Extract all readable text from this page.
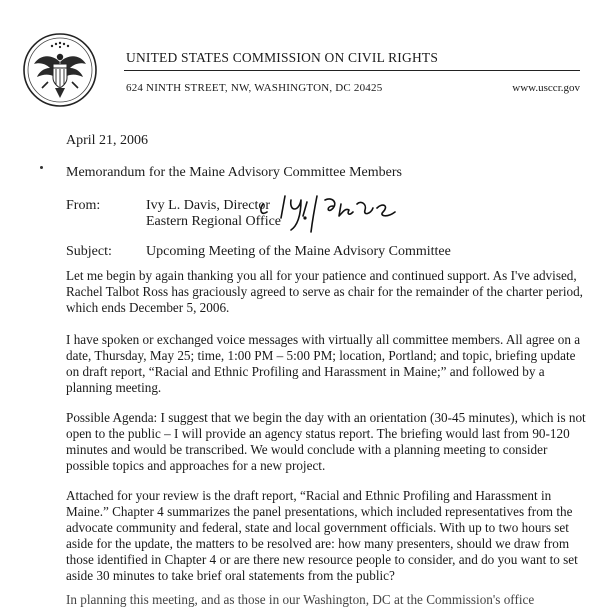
UNITED STATES COMMISSION ON CIVIL RIGHTS
624 NINTH STREET, NW, WASHINGTON, DC 20425	www.usccr.gov
April 21, 2006
Memorandum for the Maine Advisory Committee Members
From:	Ivy L. Davis, Director
Eastern Regional Office
Subject: Upcoming Meeting of the Maine Advisory Committee

Let me begin by again thanking you all for your patience and continued support. As I've advised, Rachel Talbot Ross has graciously agreed to serve as chair for the remainder of the charter period, which ends December 5, 2006.

I have spoken or exchanged voice messages with virtually all committee members. All agree on a date, Thursday, May 25; time, 1:00 PM – 5:00 PM; location, Portland; and topic, briefing update on draft report, “Racial and Ethnic Profiling and Harassment in Maine;” and followed by a planning meeting.

Possible Agenda: I suggest that we begin the day with an orientation (30-45 minutes), which is not open to the public – I will provide an agency status report. The briefing would last from 90-120 minutes and would be transcribed. We would conclude with a planning meeting to consider possible topics and approaches for a new project.

Attached for your review is the draft report, “Racial and Ethnic Profiling and Harassment in Maine.” Chapter 4 summarizes the panel presentations, which included representatives from the advocate community and federal, state and local government officials. With up to two hours set aside for the update, the matters to be resolved are: how many presenters, should we draw from those identified in Chapter 4 or are there new resource people to consider, and do you want to set aside 30 minutes to take brief oral statements from the public?

In planning this meeting, and as those in our Washington, DC at the Commission's office
